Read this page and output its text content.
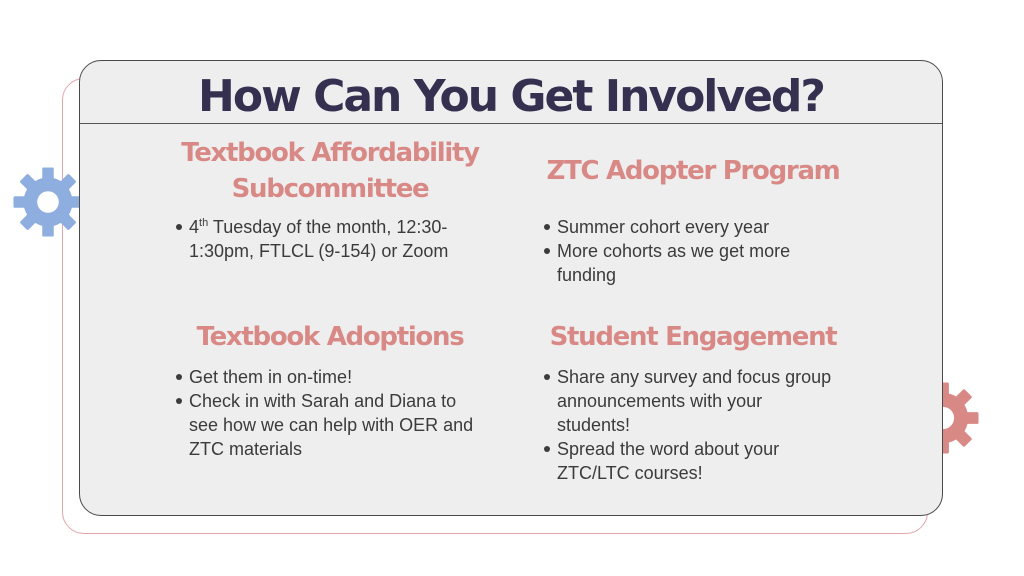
How Can You Get Involved?
Textbook Affordability
Subcommittee
4th Tuesday of the month, 12:30-
1:30pm, FTLCL (9-154) or Zoom
ZTC Adopter Program
Summer cohort every year
More cohorts as we get more
funding
Textbook Adoptions
Get them in on-time!
Check in with Sarah and Diana to
see how we can help with OER and
ZTC materials
Student Engagement
Share any survey and focus group
announcements with your
students!
Spread the word about your
ZTC/LTC courses!
